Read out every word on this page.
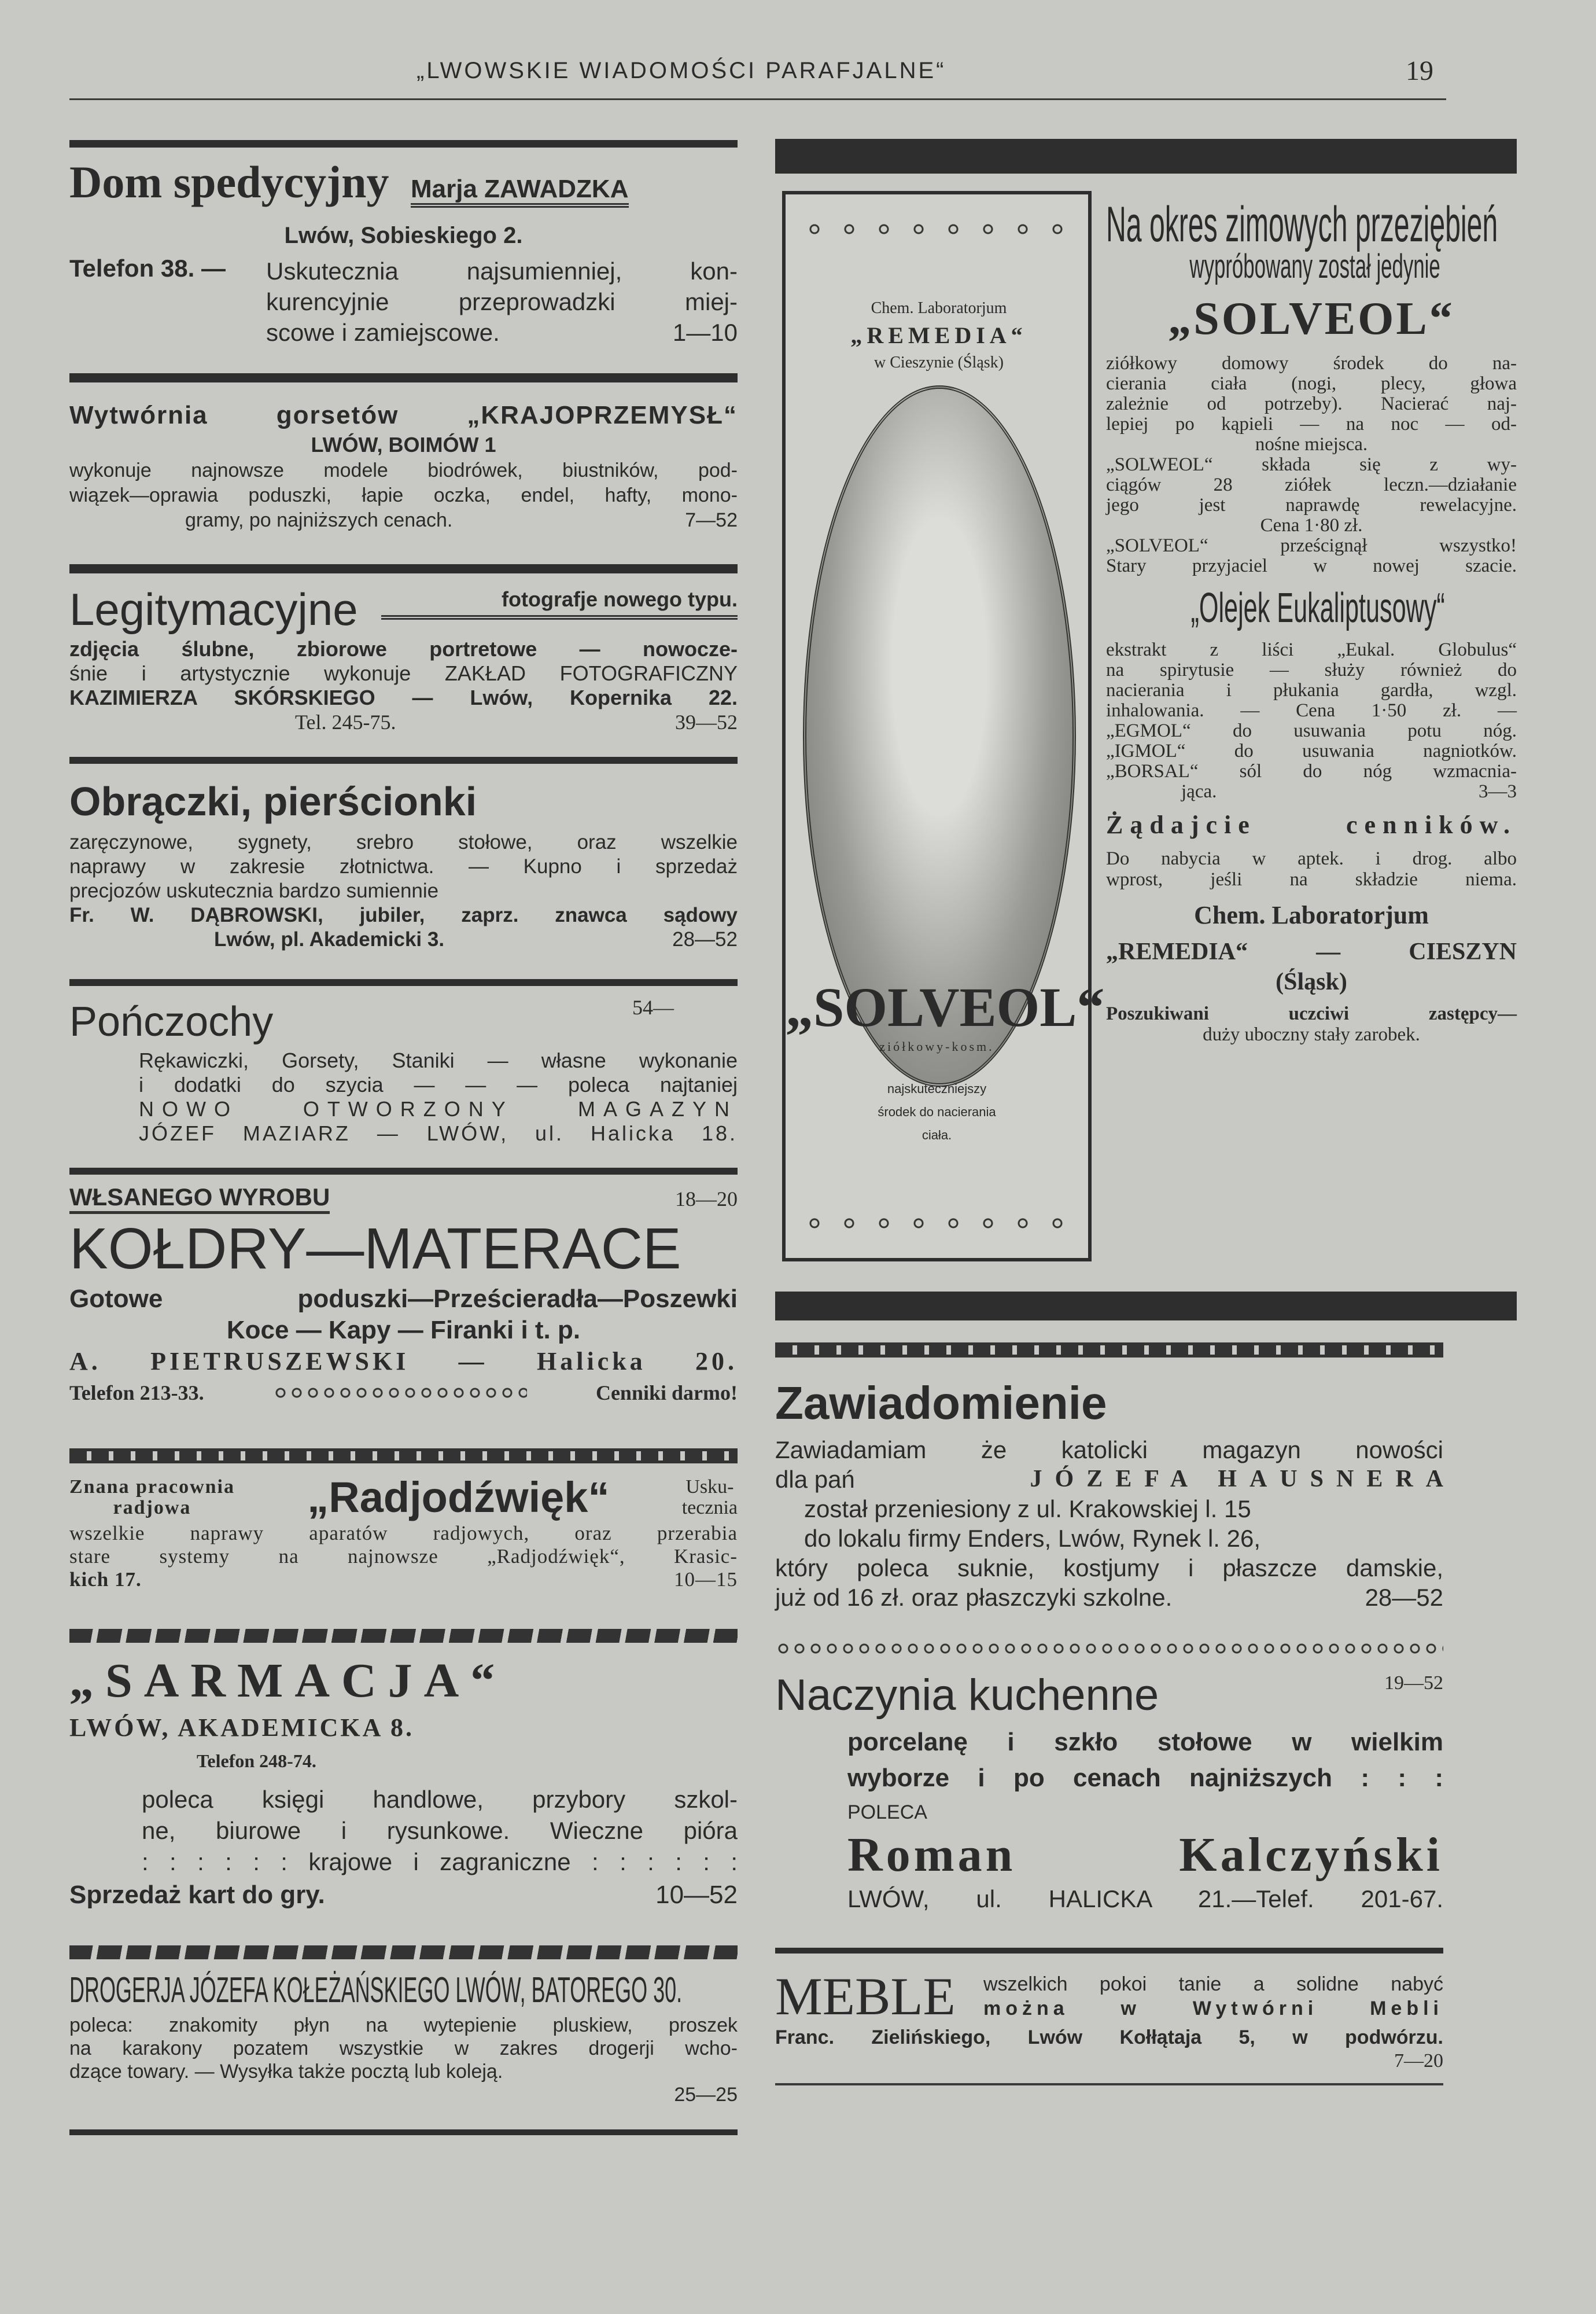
„LWOWSKIE WIADOMOŚCI PARAFJALNE“	19
Dom spedycyjny Marja ZAWADZKA
Lwów, Sobieskiego 2.
Telefon 38. —	Uskutecznia najsumienniej, kon-
kurencyjnie przeprowadzki miej-
scowe i zamiejscowe.	1—10
Wytwórnia gorsetów „KRAJOPRZEMYSŁ“
LWÓW, BOIMÓW 1
wykonuje najnowsze modele biodrówek, biustników, pod-
wiązek—oprawia poduszki, łapie oczka, endel, hafty, mono-
gramy, po najniższych cenach.	7—52
Legitymacyjne	fotografje nowego typu.
zdjęcia ślubne, zbiorowe portretowe — nowocze-
śnie i artystycznie wykonuje ZAKŁAD FOTOGRAFICZNY
KAZIMIERZA SKÓRSKIEGO — Lwów, Kopernika 22.
Tel. 245-75.	39—52
Obrączki, pierścionki
zaręczynowe, sygnety, srebro stołowe, oraz wszelkie
naprawy w zakresie złotnictwa. — Kupno i sprzedaż
precjozów uskutecznia bardzo sumiennie
Fr. W. DĄBROWSKI, jubiler, zaprz. znawca sądowy
Lwów, pl. Akademicki 3.	28—52
Pończochy	54—
Rękawiczki, Gorsety, Staniki — własne wykonanie
i dodatki do szycia — — — poleca najtaniej
NOWO OTWORZONY MAGAZYN
JÓZEF MAZIARZ — LWÓW, ul. Halicka 18.
WŁSANEGO WYROBU	18—20
KOŁDRY—MATERACE
Gotowe poduszki—Prześcieradła—Poszewki
Koce — Kapy — Firanki i t. p.
A. PIETRUSZEWSKI — Halicka 20.
Telefon 213-33.	Cenniki darmo!
Znana pracownia
radjowa	„Radjodźwięk“	Usku-
tecznia
wszelkie naprawy aparatów radjowych, oraz przerabia
stare systemy na najnowsze „Radjodźwięk“, Krasic-
kich 17.	10—15
„SARMACJA“
LWÓW, AKADEMICKA 8.
Telefon 248-74.
poleca księgi handlowe, przybory szkol-
ne, biurowe i rysunkowe. Wieczne pióra
: : : : : : krajowe i zagraniczne : : : : : :
Sprzedaż kart do gry.	10—52
DROGERJA JÓZEFA KOŁEŻAŃSKIEGO LWÓW, BATOREGO 30.
poleca: znakomity płyn na wytepienie pluskiew, proszek
na karakony pozatem wszystkie w zakres drogerji wcho-
dzące towary. — Wysyłka także pocztą lub koleją.
25—25
Chem. Laboratorjum
„REMEDIA“
w Cieszynie (Śląsk)
„SOLVEOL“
ziółkowy-kosm.
najskuteczniejszy
środek do nacierania
ciała.
Na okres zimowych przeziębień
wypróbowany został jedynie
„SOLVEOL“
ziółkowy domowy środek do na-
cierania ciała (nogi, plecy, głowa
zależnie od potrzeby). Nacierać naj-
lepiej po kąpieli — na noc — od-
nośne miejsca.
„SOLWEOL“ składa się z wy-
ciągów 28 ziółek leczn.—działanie
jego jest naprawdę rewelacyjne.
Cena 1·80 zł.
„SOLVEOL“ prześcignął wszystko!
Stary przyjaciel w nowej szacie.
„Olejek Eukaliptusowy“
ekstrakt z liści „Eukal. Globulus“
na spirytusie — służy również do
nacierania i płukania gardła, wzgl.
inhalowania. — Cena 1·50 zł. —
„EGMOL“ do usuwania potu nóg.
„IGMOL“ do usuwania nagniotków.
„BORSAL“ sól do nóg wzmacnia-
jąca.	3—3
Żądajcie cenników.
Do nabycia w aptek. i drog. albo
wprost, jeśli na składzie niema.
Chem. Laboratorjum
„REMEDIA“ — CIESZYN
(Śląsk)
Poszukiwani uczciwi zastępcy—
duży uboczny stały zarobek.
Zawiadomienie
Zawiadamiam że katolicki magazyn nowości
dla pań	JÓZEFA HAUSNERA
został przeniesiony z ul. Krakowskiej l. 15
do lokalu firmy Enders, Lwów, Rynek l. 26,
który poleca suknie, kostjumy i płaszcze damskie,
już od 16 zł. oraz płaszczyki szkolne.	28—52
Naczynia kuchenne	19—52
porcelanę i szkło stołowe w wielkim
wyborze i po cenach najniższych : : :
POLECA
Roman Kalczyński
LWÓW, ul. HALICKA 21.—Telef. 201-67.
MEBLE	wszelkich pokoi tanie a solidne nabyć
można w Wytwórni Mebli
Franc. Zielińskiego, Lwów Kołłątaja 5, w podwórzu.
7—20
